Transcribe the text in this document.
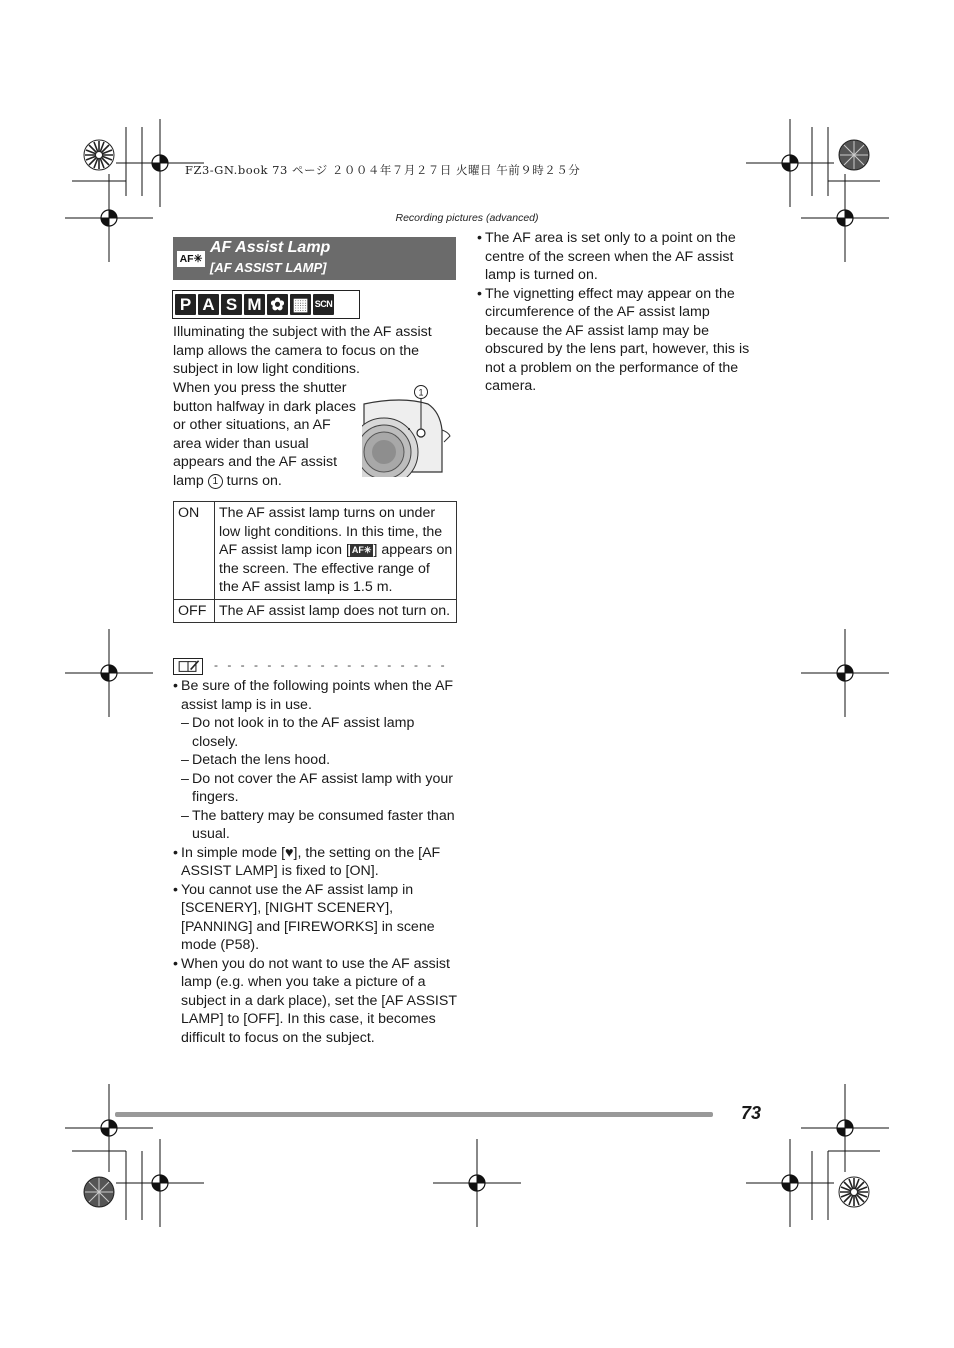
FZ3-GN.book 73 ページ ２００４年７月２７日 火曜日 午前９時２５分
Recording pictures (advanced)
AF✳
AF Assist Lamp
[AF ASSIST LAMP]
P A S M ✿ ▦ SCN
Illuminating the subject with the AF assist lamp allows the camera to focus on the subject in low light conditions.
When you press the shutter button halfway in dark places or other situations, an AF area wider than usual appears and the AF assist lamp 1 turns on.
1
ON	The AF assist lamp turns on under low light conditions. In this time, the AF assist lamp icon [ AF✳ ] appears on the screen. The effective range of the AF assist lamp is 1.5 m.
OFF	The AF assist lamp does not turn on.
- - - - - - - - - - - - - - - - - -
• Be sure of the following points when the AF assist lamp is in use.
– Do not look in to the AF assist lamp closely.
– Detach the lens hood.
– Do not cover the AF assist lamp with your fingers.
– The battery may be consumed faster than usual.
• In simple mode [♥], the setting on the [AF ASSIST LAMP] is fixed to [ON].
• You cannot use the AF assist lamp in [SCENERY], [NIGHT SCENERY], [PANNING] and [FIREWORKS] in scene mode (P58).
• When you do not want to use the AF assist lamp (e.g. when you take a picture of a subject in a dark place), set the [AF ASSIST LAMP] to [OFF]. In this case, it becomes difficult to focus on the subject.
• The AF area is set only to a point on the centre of the screen when the AF assist lamp is turned on.
• The vignetting effect may appear on the circumference of the AF assist lamp because the AF assist lamp may be obscured by the lens part, however, this is not a problem on the performance of the camera.
73
